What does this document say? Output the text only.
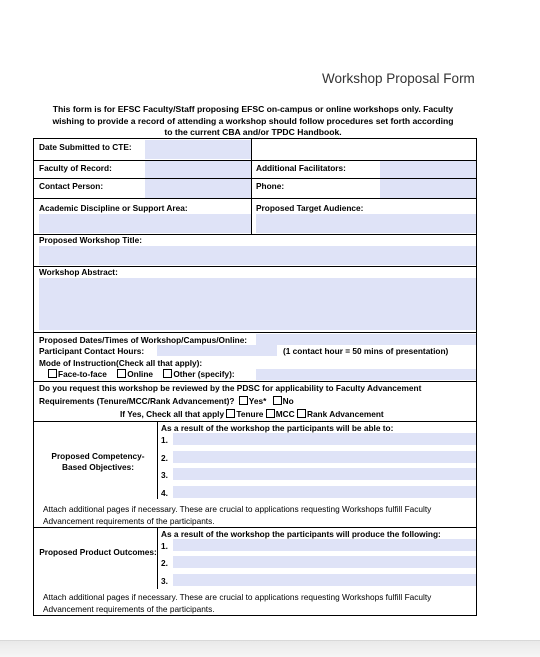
Workshop Proposal Form
This form is for EFSC Faculty/Staff proposing EFSC on-campus or online workshops only. Faculty
wishing to provide a record of attending a workshop should follow procedures set forth according
to the current CBA and/or TPDC Handbook.
Date Submitted to CTE:
Faculty of Record:	Additional Facilitators:
Contact Person:	Phone:
Academic Discipline or Support Area:	Proposed Target Audience:
Proposed Workshop Title:
Workshop Abstract:
Proposed Dates/Times of Workshop/Campus/Online:
Participant Contact Hours:	(1 contact hour = 50 mins of presentation)
Mode of Instruction(Check all that apply):
Face-to-face Online Other (specify):
Do you request this workshop be reviewed by the PDSC for applicability to Faculty Advancement
Requirements (Tenure/MCC/Rank Advancement)? Yes* No
If Yes, Check all that apply Tenure MCC Rank Advancement
Proposed Competency-Based Objectives:
As a result of the workshop the participants will be able to:
1.
2.
3.
4.
Attach additional pages if necessary. These are crucial to applications requesting Workshops fulfill Faculty
Advancement requirements of the participants.
Proposed Product Outcomes:
As a result of the workshop the participants will produce the following:
1.
2.
3.
Attach additional pages if necessary. These are crucial to applications requesting Workshops fulfill Faculty
Advancement requirements of the participants.
